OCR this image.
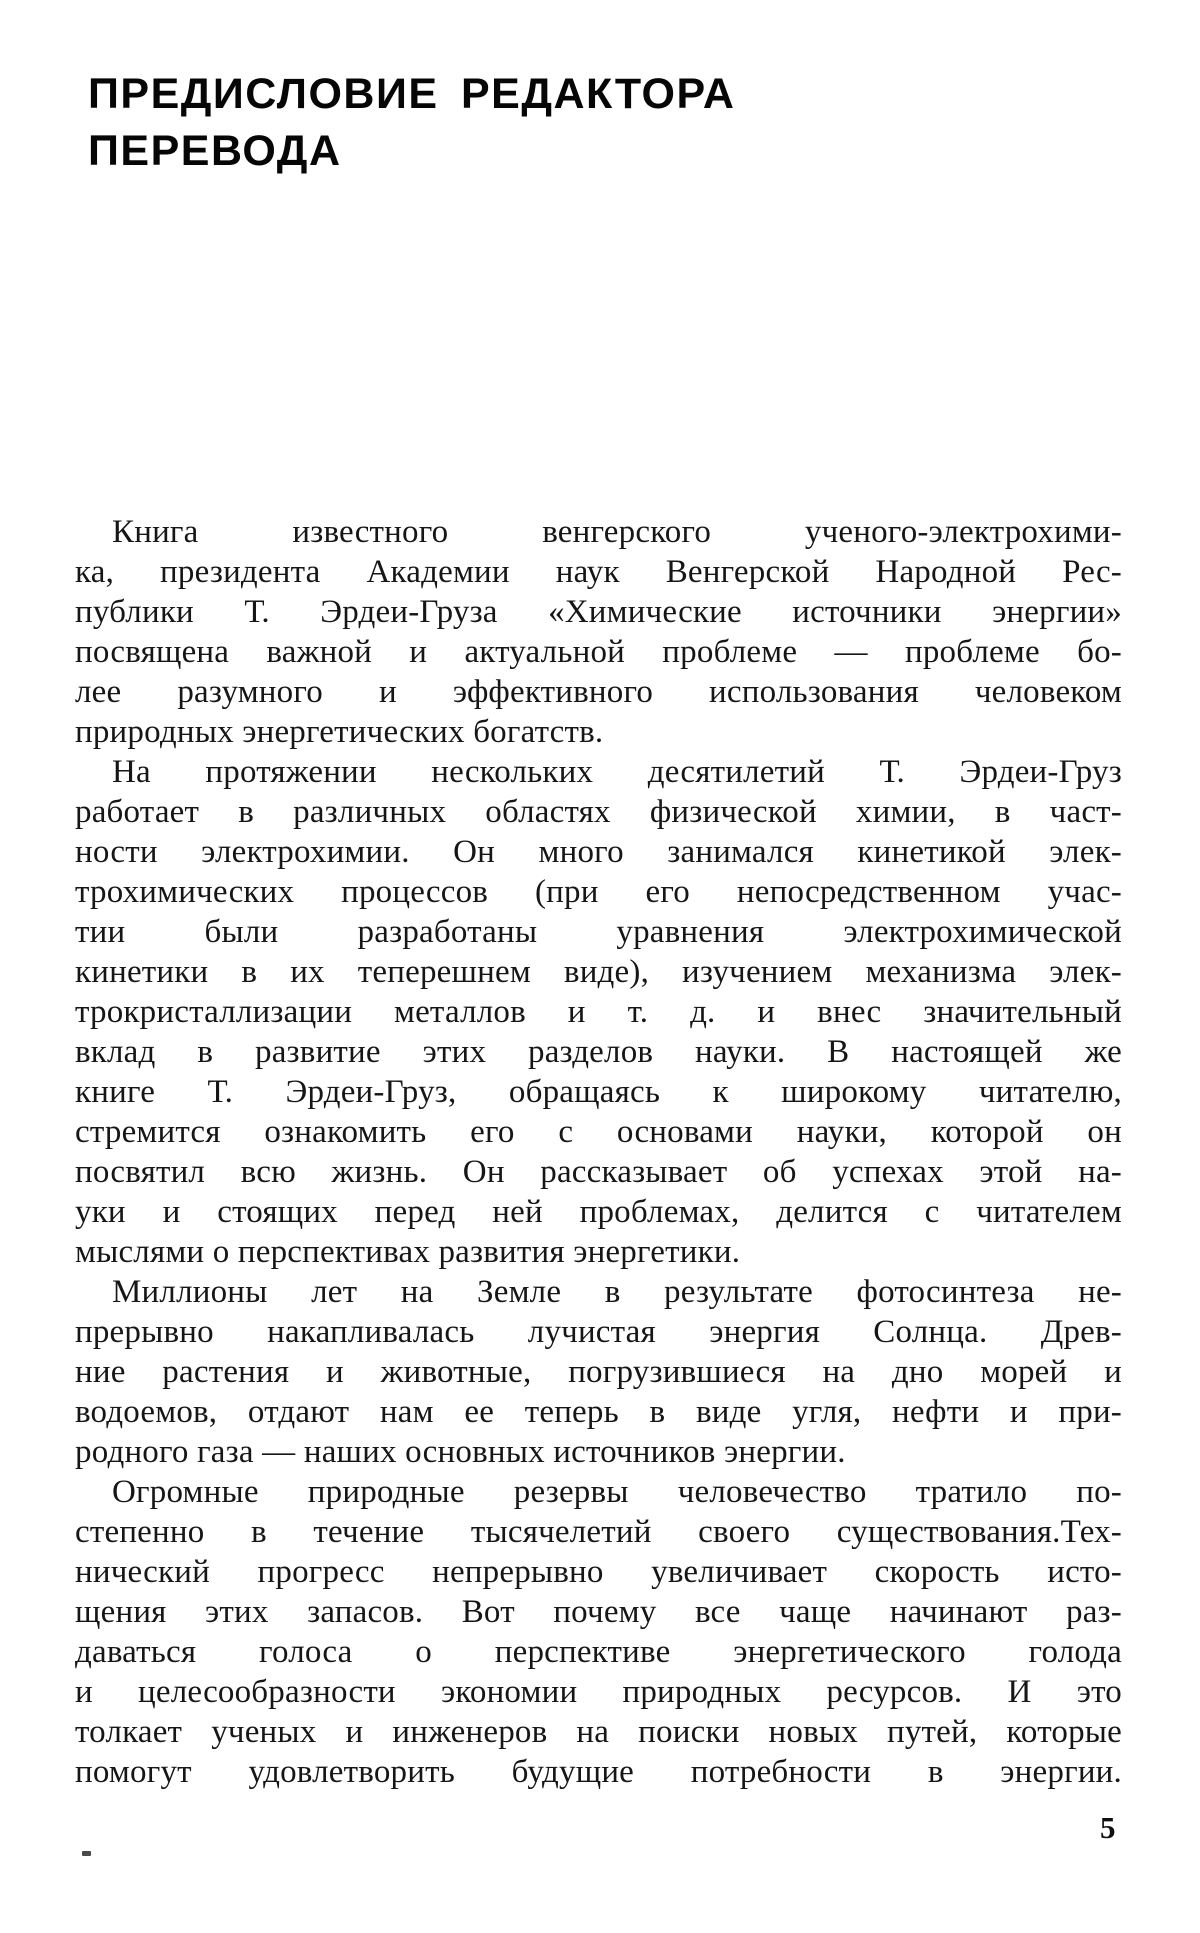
ПРЕДИСЛОВИЕ РЕДАКТОРА
ПЕРЕВОДА
Книга известного венгерского ученого-электрохими-
ка, президента Академии наук Венгерской Народной Рес-
публики Т. Эрдеи-Груза «Химические источники энергии»
посвящена важной и актуальной проблеме — проблеме бо-
лее разумного и эффективного использования человеком
природных энергетических богатств.
На протяжении нескольких десятилетий Т. Эрдеи-Груз
работает в различных областях физической химии, в част-
ности электрохимии. Он много занимался кинетикой элек-
трохимических процессов (при его непосредственном учас-
тии были разработаны уравнения электрохимической
кинетики в их теперешнем виде), изучением механизма элек-
трокристаллизации металлов и т. д. и внес значительный
вклад в развитие этих разделов науки. В настоящей же
книге Т. Эрдеи-Груз, обращаясь к широкому читателю,
стремится ознакомить его с основами науки, которой он
посвятил всю жизнь. Он рассказывает об успехах этой на-
уки и стоящих перед ней проблемах, делится с читателем
мыслями о перспективах развития энергетики.
Миллионы лет на Земле в результате фотосинтеза не-
прерывно накапливалась лучистая энергия Солнца. Древ-
ние растения и животные, погрузившиеся на дно морей и
водоемов, отдают нам ее теперь в виде угля, нефти и при-
родного газа — наших основных источников энергии.
Огромные природные резервы человечество тратило по-
степенно в течение тысячелетий своего существования.Тех-
нический прогресс непрерывно увеличивает скорость исто-
щения этих запасов. Вот почему все чаще начинают раз-
даваться голоса о перспективе энергетического голода
и целесообразности экономии природных ресурсов. И это
толкает ученых и инженеров на поиски новых путей, которые
помогут удовлетворить будущие потребности в энергии.
5
